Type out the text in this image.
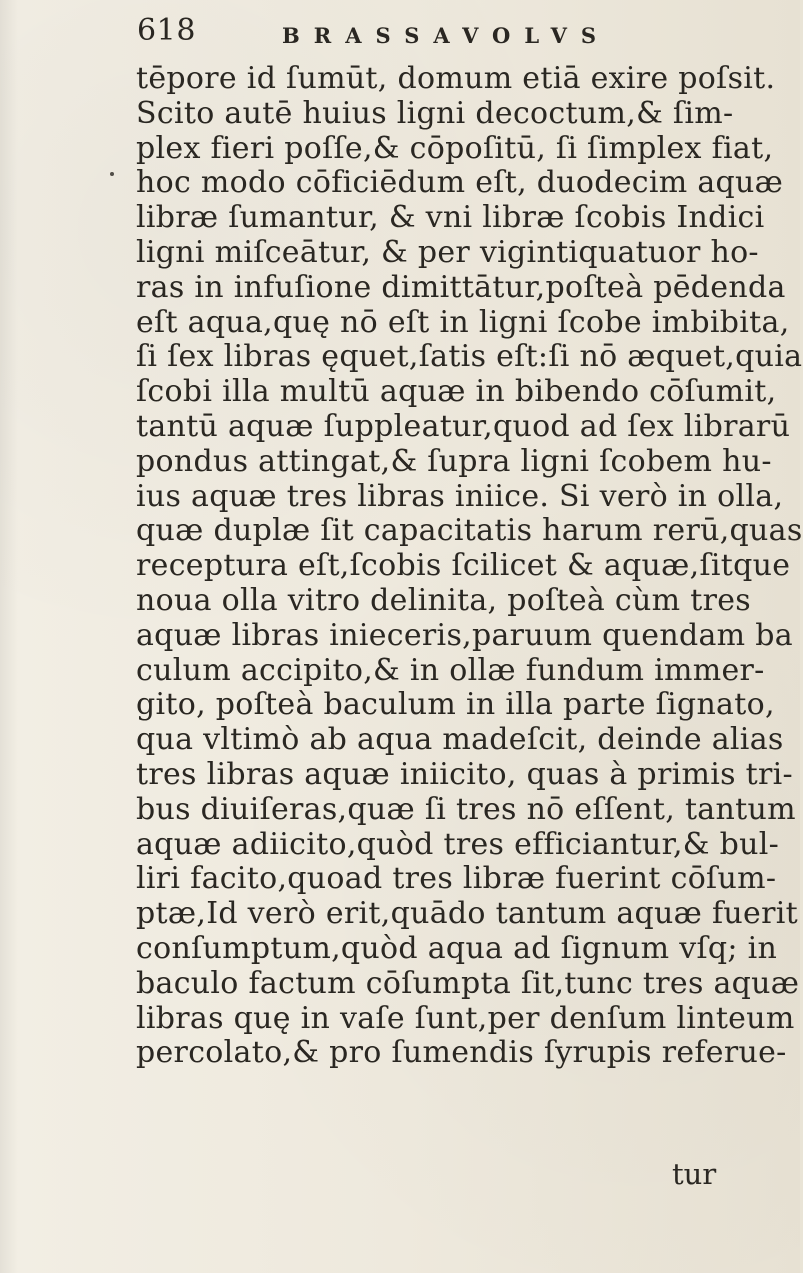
618	BRASSAVOLVS
tēpore id ſumūt, domum etiā exire poſsit.
Scito autē huius ligni decoctum,& ſim-
plex fieri poſſe,& cōpoſitū, ſi ſimplex fiat,
hoc modo cōficiēdum eſt, duodecim aquæ
libræ ſumantur, & vni libræ ſcobis Indici
ligni miſceātur, & per vigintiquatuor ho-
ras in infuſione dimittātur,poſteà pēdenda
eſt aqua,quę nō eſt in ligni ſcobe imbibita,
ſi ſex libras ęquet,ſatis eſt:ſi nō æquet,quia
ſcobi illa multū aquæ in bibendo cōſumit,
tantū aquæ ſuppleatur,quod ad ſex librarū
pondus attingat,& ſupra ligni ſcobem hu-
ius aquæ tres libras iniice. Si verò in olla,
quæ duplæ ſit capacitatis harum rerū,quas
receptura eſt,ſcobis ſcilicet & aquæ,ſitque
noua olla vitro delinita, poſteà cùm tres
aquæ libras inieceris,paruum quendam ba
culum accipito,& in ollæ fundum immer-
gito, poſteà baculum in illa parte ſignato,
qua vltimò ab aqua madeſcit, deinde alias
tres libras aquæ iniicito, quas à primis tri-
bus diuiſeras,quæ ſi tres nō eſſent, tantum
aquæ adiicito,quòd tres efficiantur,& bul-
liri facito,quoad tres libræ fuerint cōſum-
ptæ,Id verò erit,quādo tantum aquæ fuerit
conſumptum,quòd aqua ad ſignum vſq; in
baculo factum cōſumpta ſit,tunc tres aquæ
libras quę in vaſe ſunt,per denſum linteum
percolato,& pro ſumendis ſyrupis referue-
tur
